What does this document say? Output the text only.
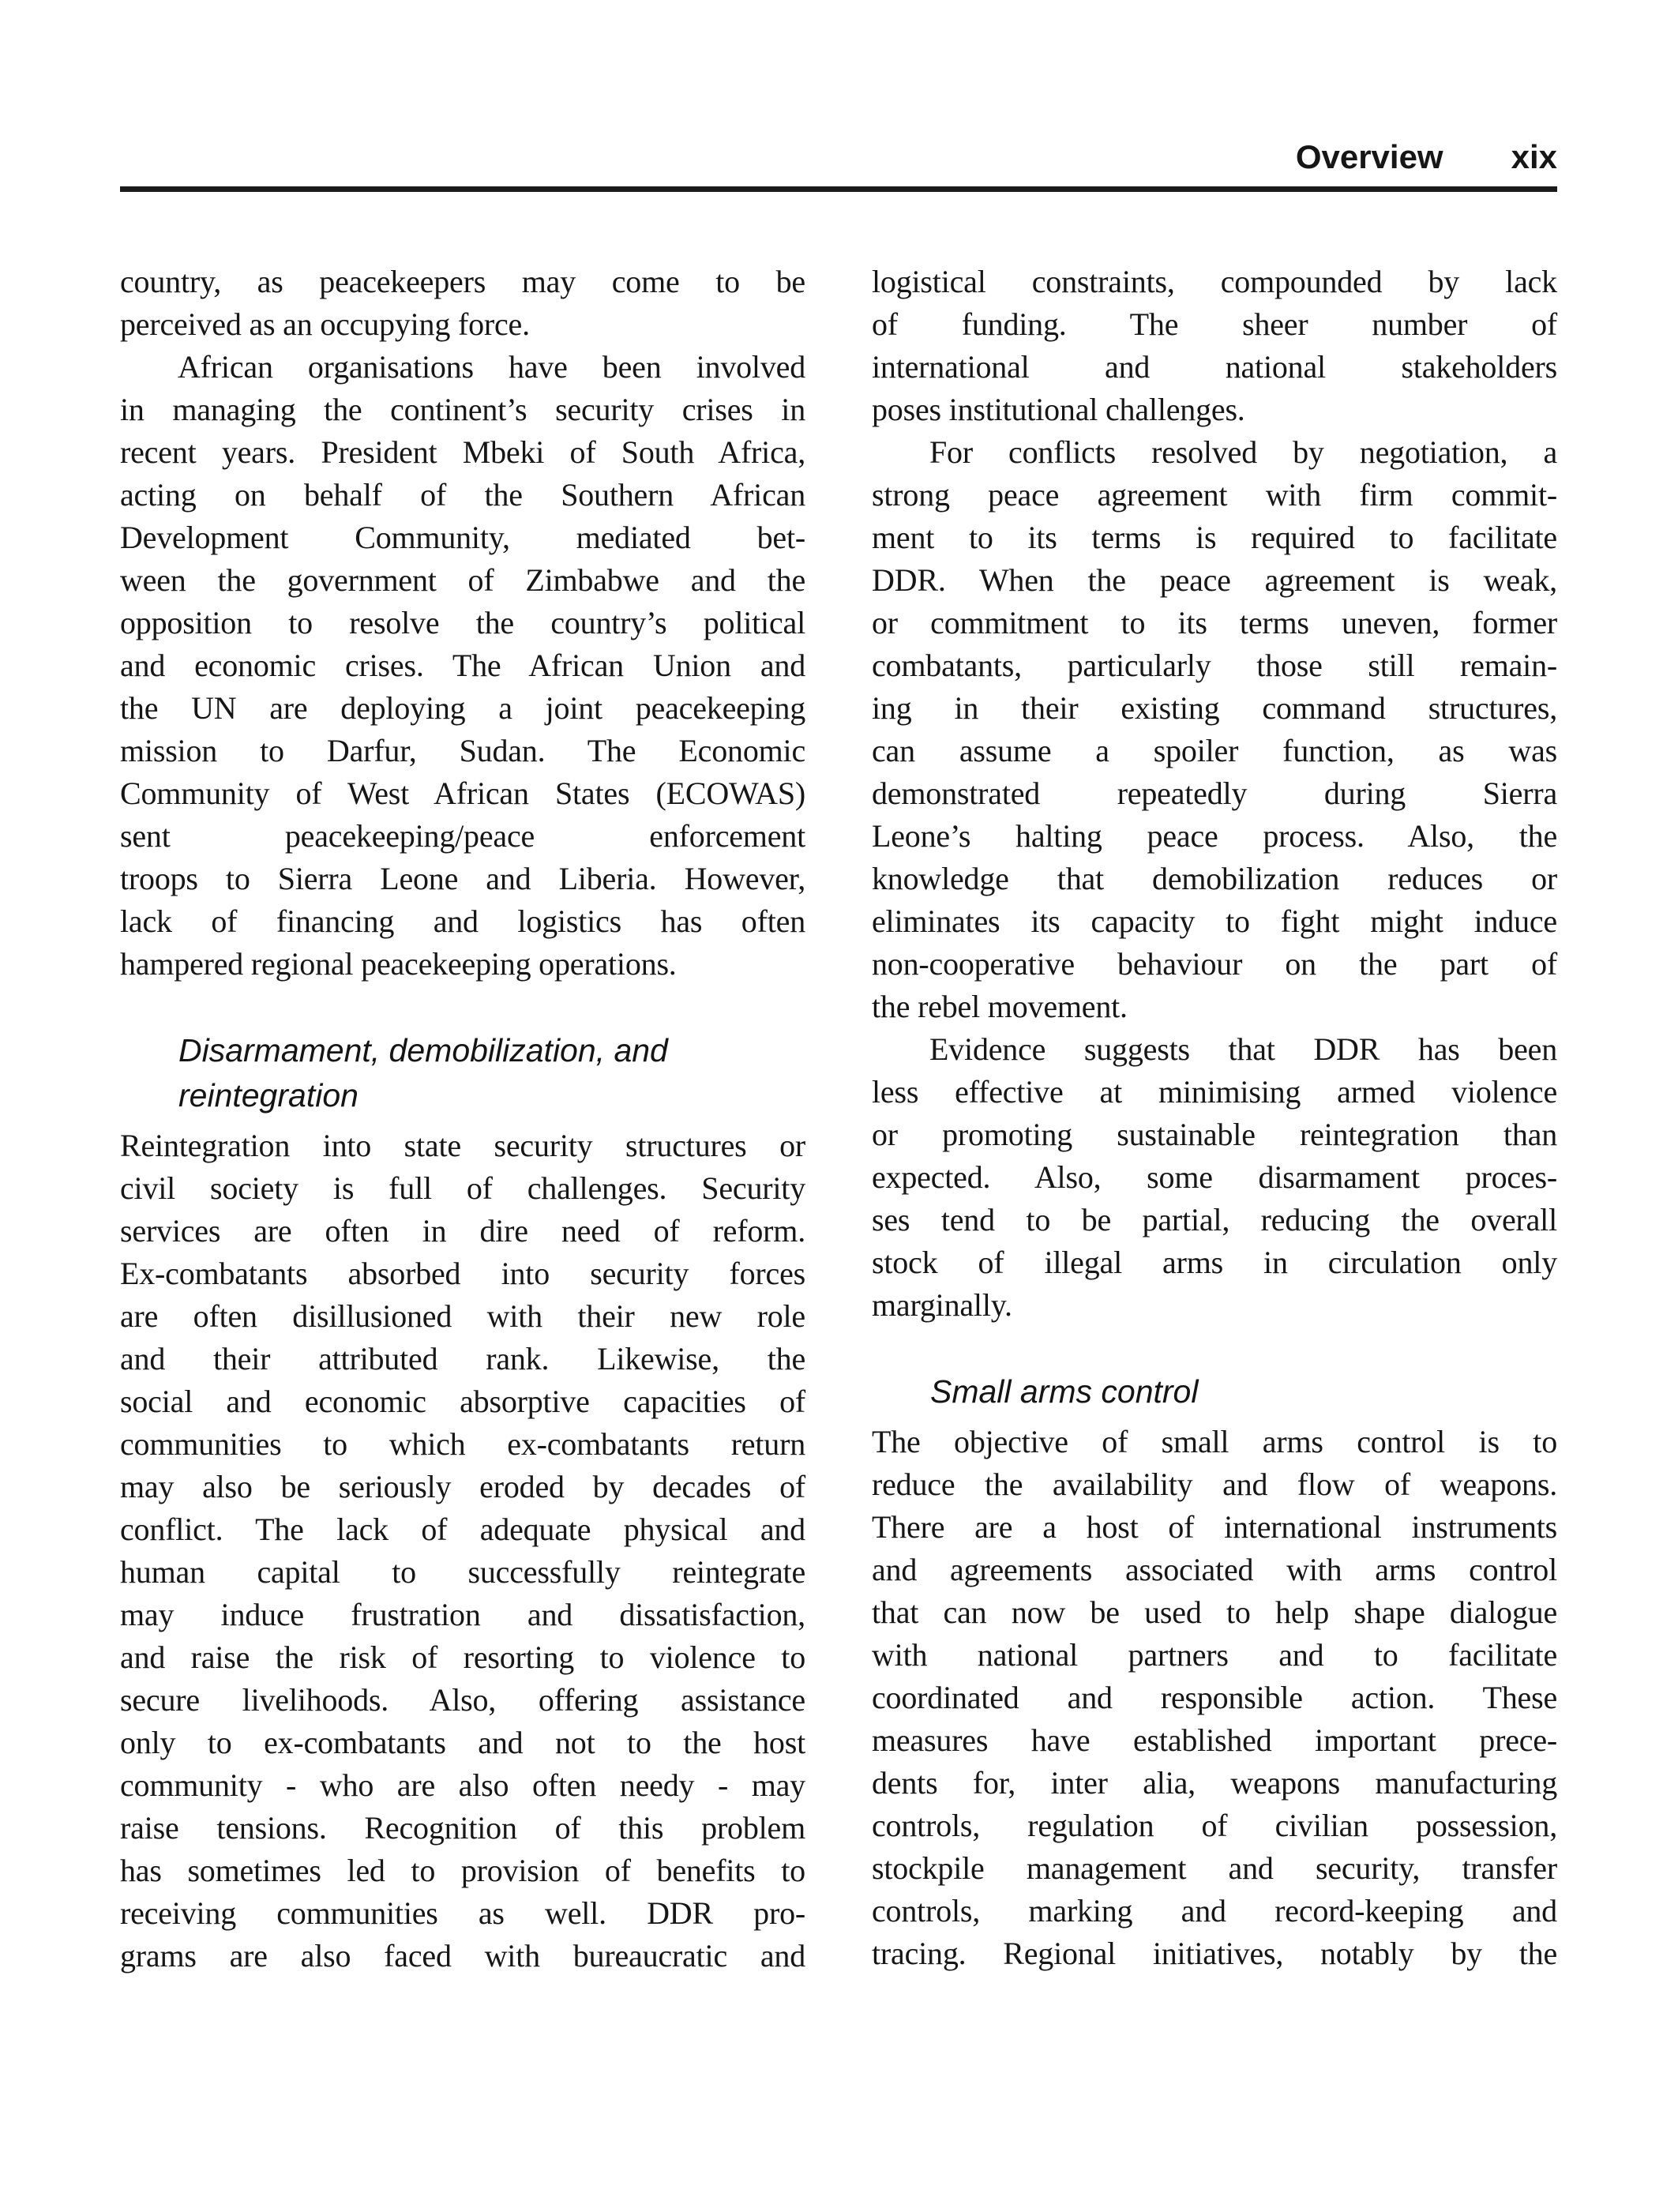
Overview xix
country, as peacekeepers may come to be
perceived as an occupying force.
African organisations have been involved
in managing the continent’s security crises in
recent years. President Mbeki of South Africa,
acting on behalf of the Southern African
Development Community, mediated bet-
ween the government of Zimbabwe and the
opposition to resolve the country’s political
and economic crises. The African Union and
the UN are deploying a joint peacekeeping
mission to Darfur, Sudan. The Economic
Community of West African States (ECOWAS)
sent peacekeeping/peace enforcement
troops to Sierra Leone and Liberia. However,
lack of financing and logistics has often
hampered regional peacekeeping operations.
Disarmament, demobilization, and
reintegration
Reintegration into state security structures or
civil society is full of challenges. Security
services are often in dire need of reform.
Ex-combatants absorbed into security forces
are often disillusioned with their new role
and their attributed rank. Likewise, the
social and economic absorptive capacities of
communities to which ex-combatants return
may also be seriously eroded by decades of
conflict. The lack of adequate physical and
human capital to successfully reintegrate
may induce frustration and dissatisfaction,
and raise the risk of resorting to violence to
secure livelihoods. Also, offering assistance
only to ex-combatants and not to the host
community - who are also often needy - may
raise tensions. Recognition of this problem
has sometimes led to provision of benefits to
receiving communities as well. DDR pro-
grams are also faced with bureaucratic and
logistical constraints, compounded by lack
of funding. The sheer number of
international and national stakeholders
poses institutional challenges.
For conflicts resolved by negotiation, a
strong peace agreement with firm commit-
ment to its terms is required to facilitate
DDR. When the peace agreement is weak,
or commitment to its terms uneven, former
combatants, particularly those still remain-
ing in their existing command structures,
can assume a spoiler function, as was
demonstrated repeatedly during Sierra
Leone’s halting peace process. Also, the
knowledge that demobilization reduces or
eliminates its capacity to fight might induce
non-cooperative behaviour on the part of
the rebel movement.
Evidence suggests that DDR has been
less effective at minimising armed violence
or promoting sustainable reintegration than
expected. Also, some disarmament proces-
ses tend to be partial, reducing the overall
stock of illegal arms in circulation only
marginally.
Small arms control
The objective of small arms control is to
reduce the availability and flow of weapons.
There are a host of international instruments
and agreements associated with arms control
that can now be used to help shape dialogue
with national partners and to facilitate
coordinated and responsible action. These
measures have established important prece-
dents for, inter alia, weapons manufacturing
controls, regulation of civilian possession,
stockpile management and security, transfer
controls, marking and record-keeping and
tracing. Regional initiatives, notably by the
